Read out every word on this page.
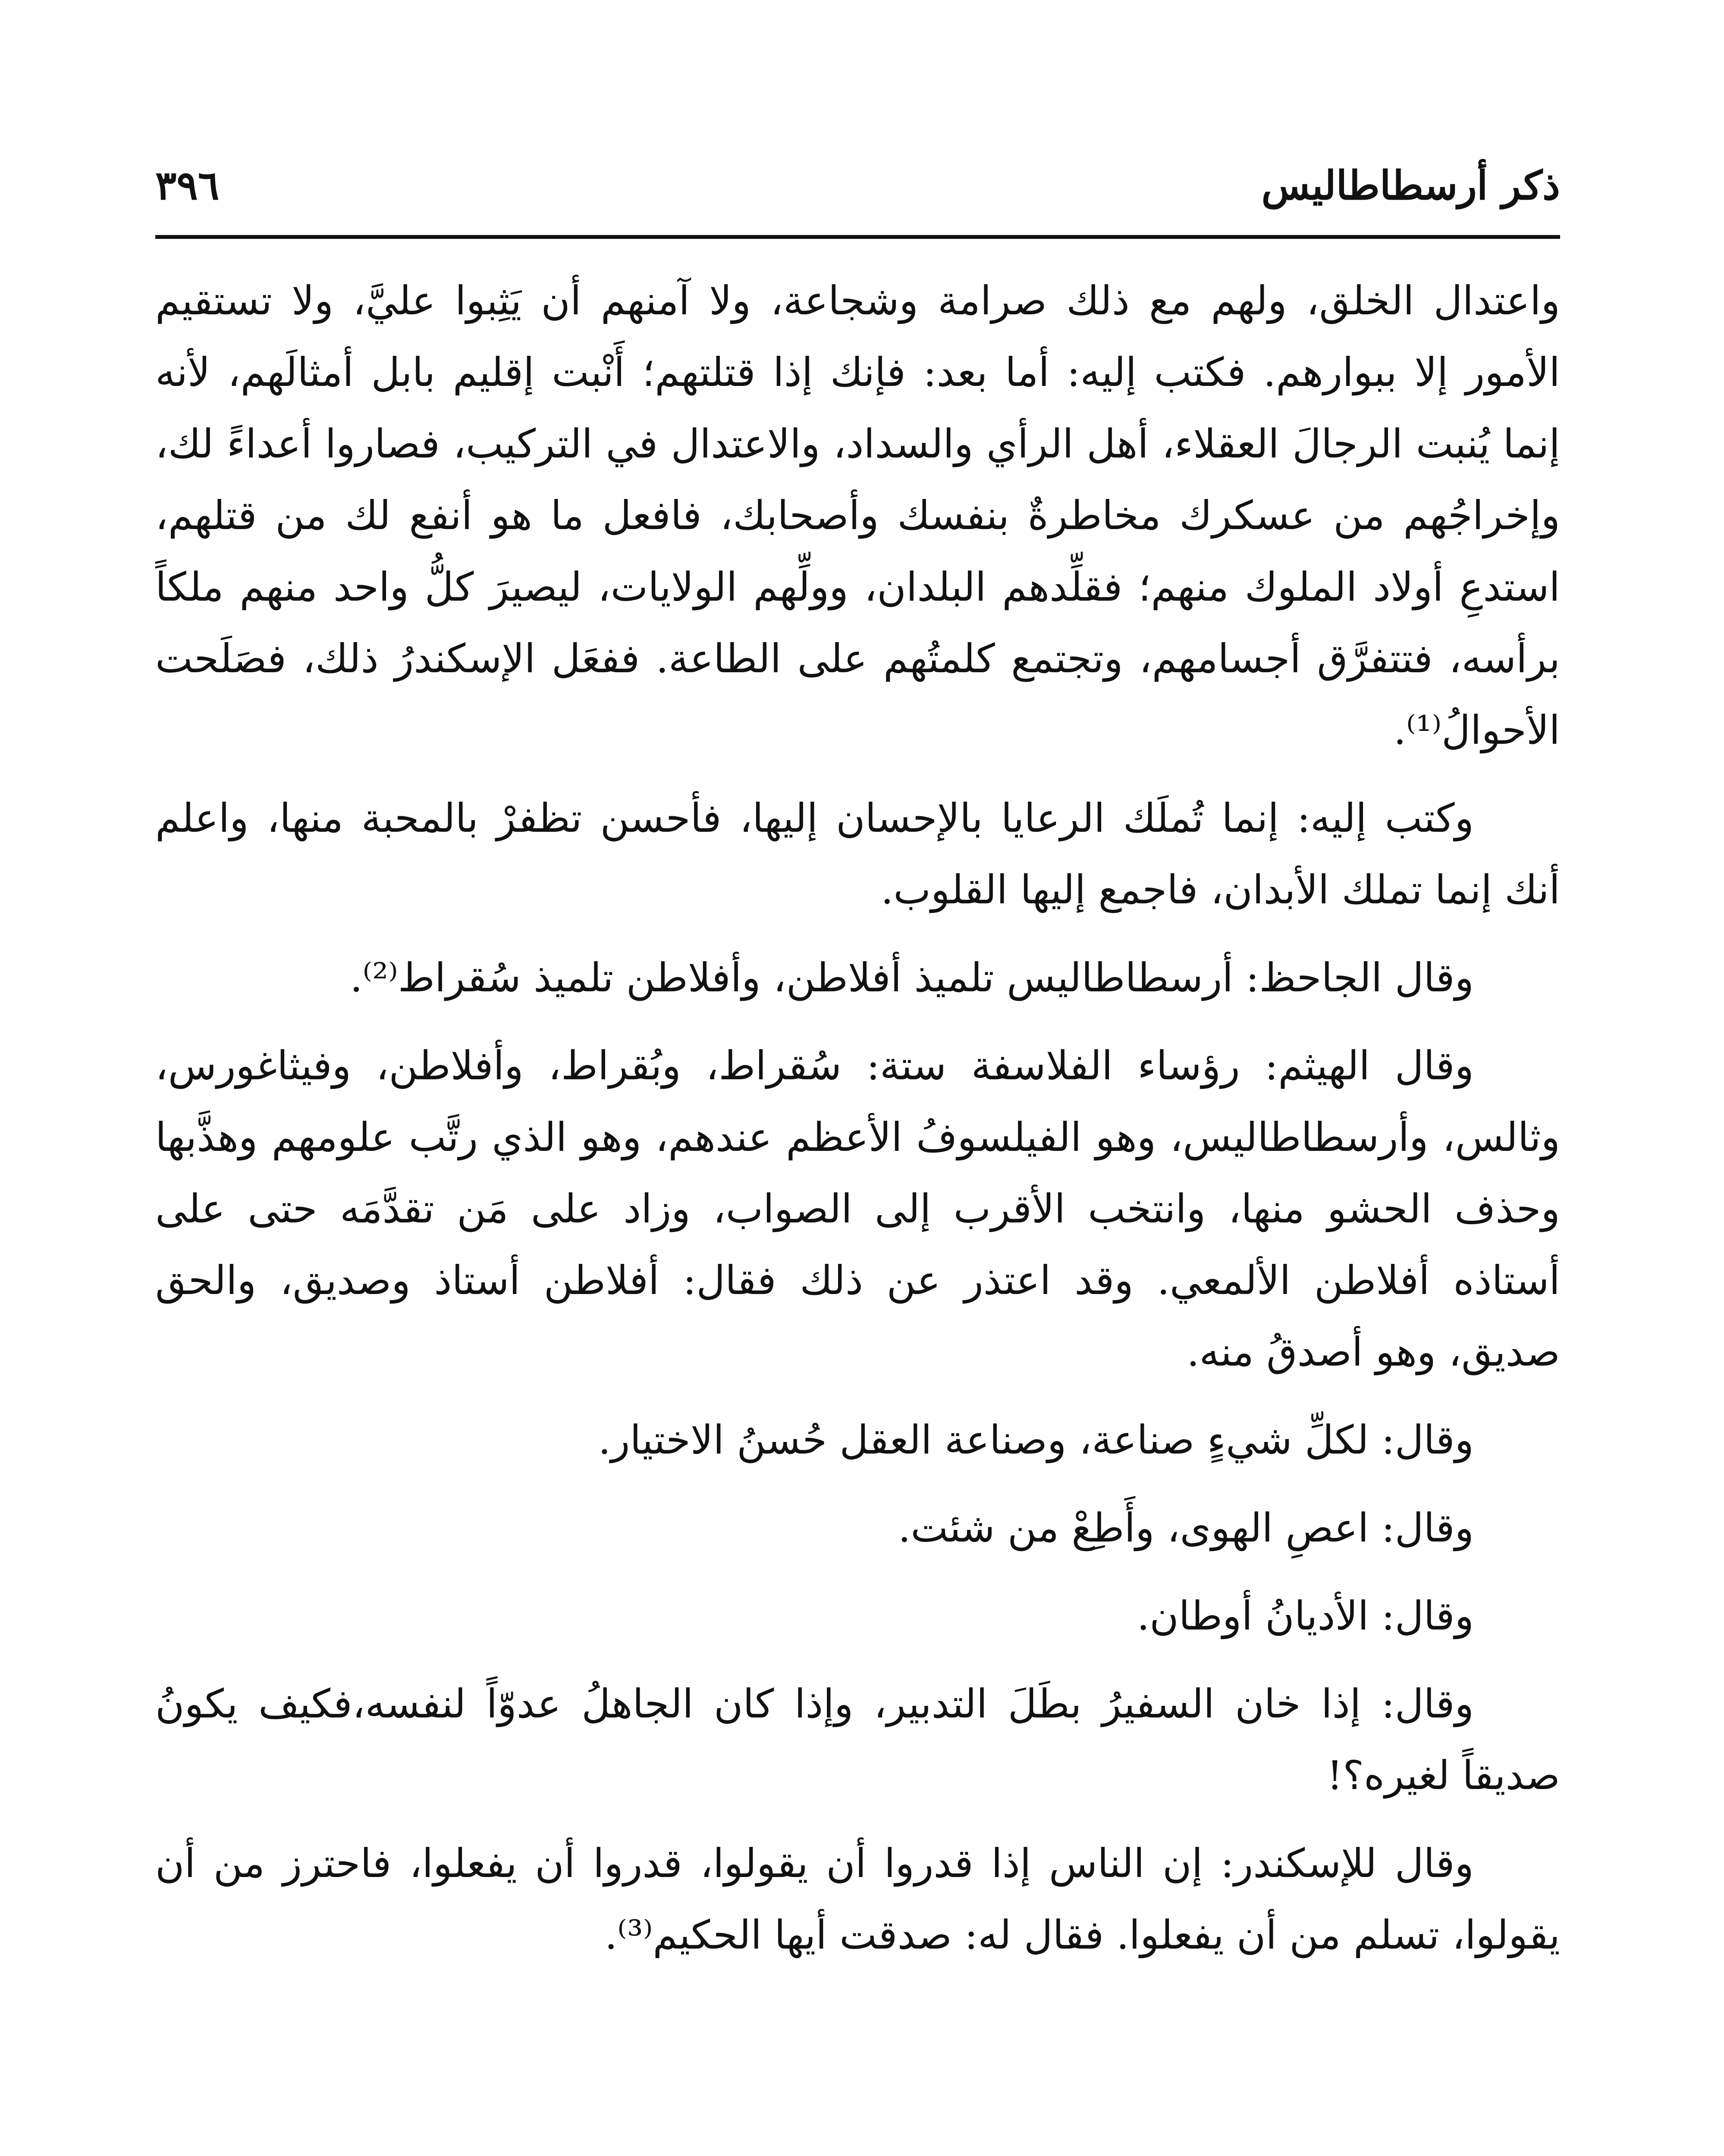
ذكر أرسطاطاليس
٣٩٦

واعتدال الخلق، ولهم مع ذلك صرامة وشجاعة، ولا آمنهم أن يَثِبوا عليَّ، ولا تستقيم الأمور إلا ببوارهم. فكتب إليه: أما بعد: فإنك إذا قتلتهم؛ أَنْبت إقليم بابل أمثالَهم، لأنه إنما يُنبت الرجالَ العقلاء، أهل الرأي والسداد، والاعتدال في التركيب، فصاروا أعداءً لك، وإخراجُهم من عسكرك مخاطرةٌ بنفسك وأصحابك، فافعل ما هو أنفع لك من قتلهم، استدعِ أولاد الملوك منهم؛ فقلِّدهم البلدان، وولِّهم الولايات، ليصيرَ كلُّ واحد منهم ملكاً برأسه، فتتفرَّق أجسامهم، وتجتمع كلمتُهم على الطاعة. ففعَل الإسكندرُ ذلك، فصَلَحت الأحوالُ⁽¹⁾.

وكتب إليه: إنما تُملَك الرعايا بالإحسان إليها، فأحسن تظفرْ بالمحبة منها، واعلم أنك إنما تملك الأبدان، فاجمع إليها القلوب.

وقال الجاحظ: أرسطاطاليس تلميذ أفلاطن، وأفلاطن تلميذ سُقراط⁽²⁾.

وقال الهيثم: رؤساء الفلاسفة ستة: سُقراط، وبُقراط، وأفلاطن، وفيثاغورس، وثالس، وأرسطاطاليس، وهو الفيلسوفُ الأعظم عندهم، وهو الذي رتَّب علومهم وهذَّبها وحذف الحشو منها، وانتخب الأقرب إلى الصواب، وزاد على مَن تقدَّمَه حتى على أستاذه أفلاطن الألمعي. وقد اعتذر عن ذلك فقال: أفلاطن أستاذ وصديق، والحق صديق، وهو أصدقُ منه.

وقال: لكلِّ شيءٍ صناعة، وصناعة العقل حُسنُ الاختيار.

وقال: اعصِ الهوى، وأَطِعْ من شئت.

وقال: الأديانُ أوطان.

وقال: إذا خان السفيرُ بطَلَ التدبير، وإذا كان الجاهلُ عدوّاً لنفسه،فكيف يكونُ صديقاً لغيره؟!

وقال للإسكندر: إن الناس إذا قدروا أن يقولوا، قدروا أن يفعلوا، فاحترز من أن يقولوا، تسلم من أن يفعلوا. فقال له: صدقت أيها الحكيم⁽³⁾.
